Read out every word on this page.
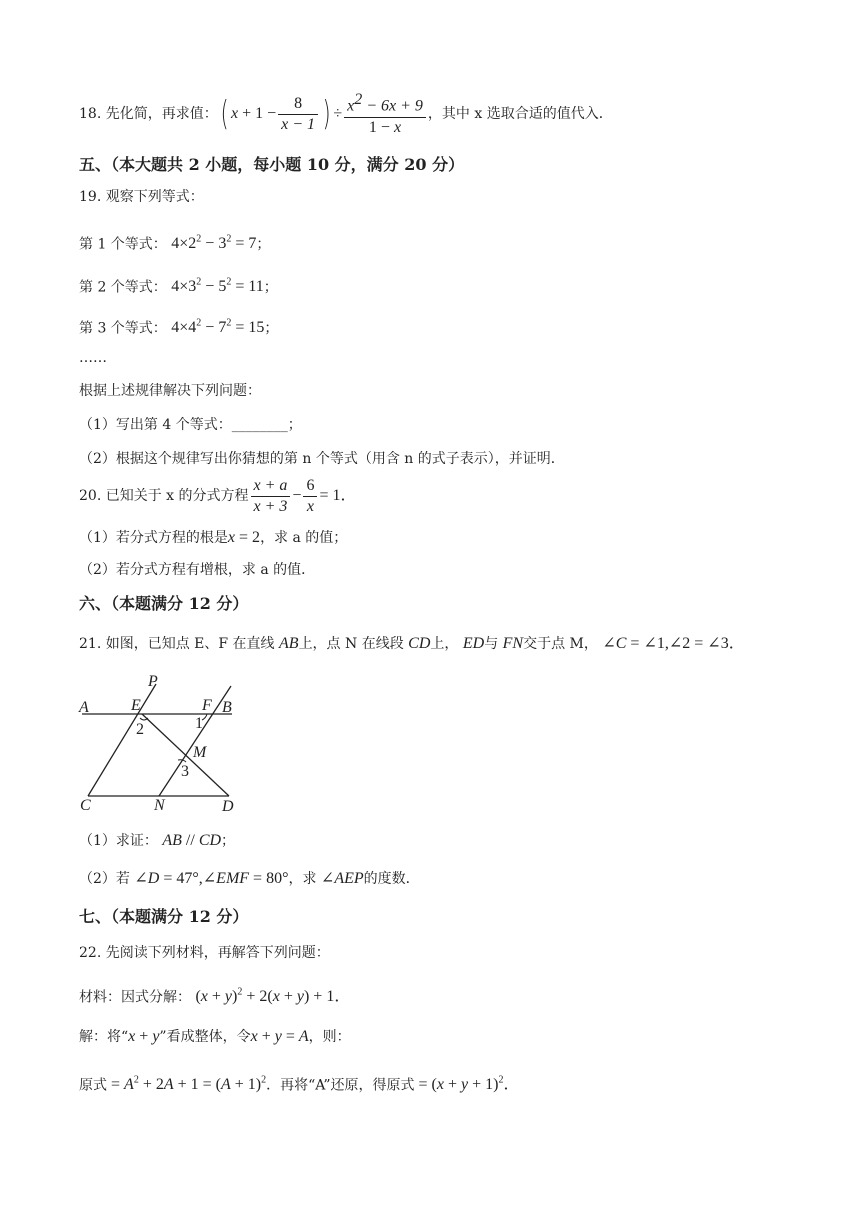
18. 先化简，再求值： ( $x + 1 - \frac{8}{x - 1}$ ) ÷ $\frac{x^2 - 6x + 9}{1 - x}$ ，其中 x 选取合适的值代入．
五、（本大题共 2 小题，每小题 10 分，满分 20 分）
19. 观察下列等式：
第 1 个等式： $4\times 2^2 - 3^2 = 7$；
第 2 个等式： $4\times 3^2 - 5^2 = 11$；
第 3 个等式： $4\times 4^2 - 7^2 = 15$；
……
根据上述规律解决下列问题：
（1）写出第 4 个等式：________；
（2）根据这个规律写出你猜想的第 n 个等式（用含 n 的式子表示），并证明．
20. 已知关于 x 的分式方程 $\frac{x + a}{x + 3} - \frac{6}{x} = 1$．
（1）若分式方程的根是x = 2，求 a 的值；
（2）若分式方程有增根，求 a 的值．
六、（本题满分 12 分）
21. 如图，已知点 E、F 在直线 AB上，点 N 在线段 CD上， ED与 FN交于点 M， ∠C = ∠1,∠2 = ∠3．
A	B
C	D
E	F
M
N
P
1
2
3
（1）求证： AB // CD；
（2）若 ∠D = 47°,∠EMF = 80°，求 ∠AEP的度数．
七、（本题满分 12 分）
22. 先阅读下列材料，再解答下列问题：
材料：因式分解： $(x + y)^2 + 2(x + y) + 1$．
解：将“x + y”看成整体，令x + y = A，则：
原式 = $A^2 + 2A + 1 = (A + 1)^2$．再将“A”还原，得原式 = $(x + y + 1)^2$．
